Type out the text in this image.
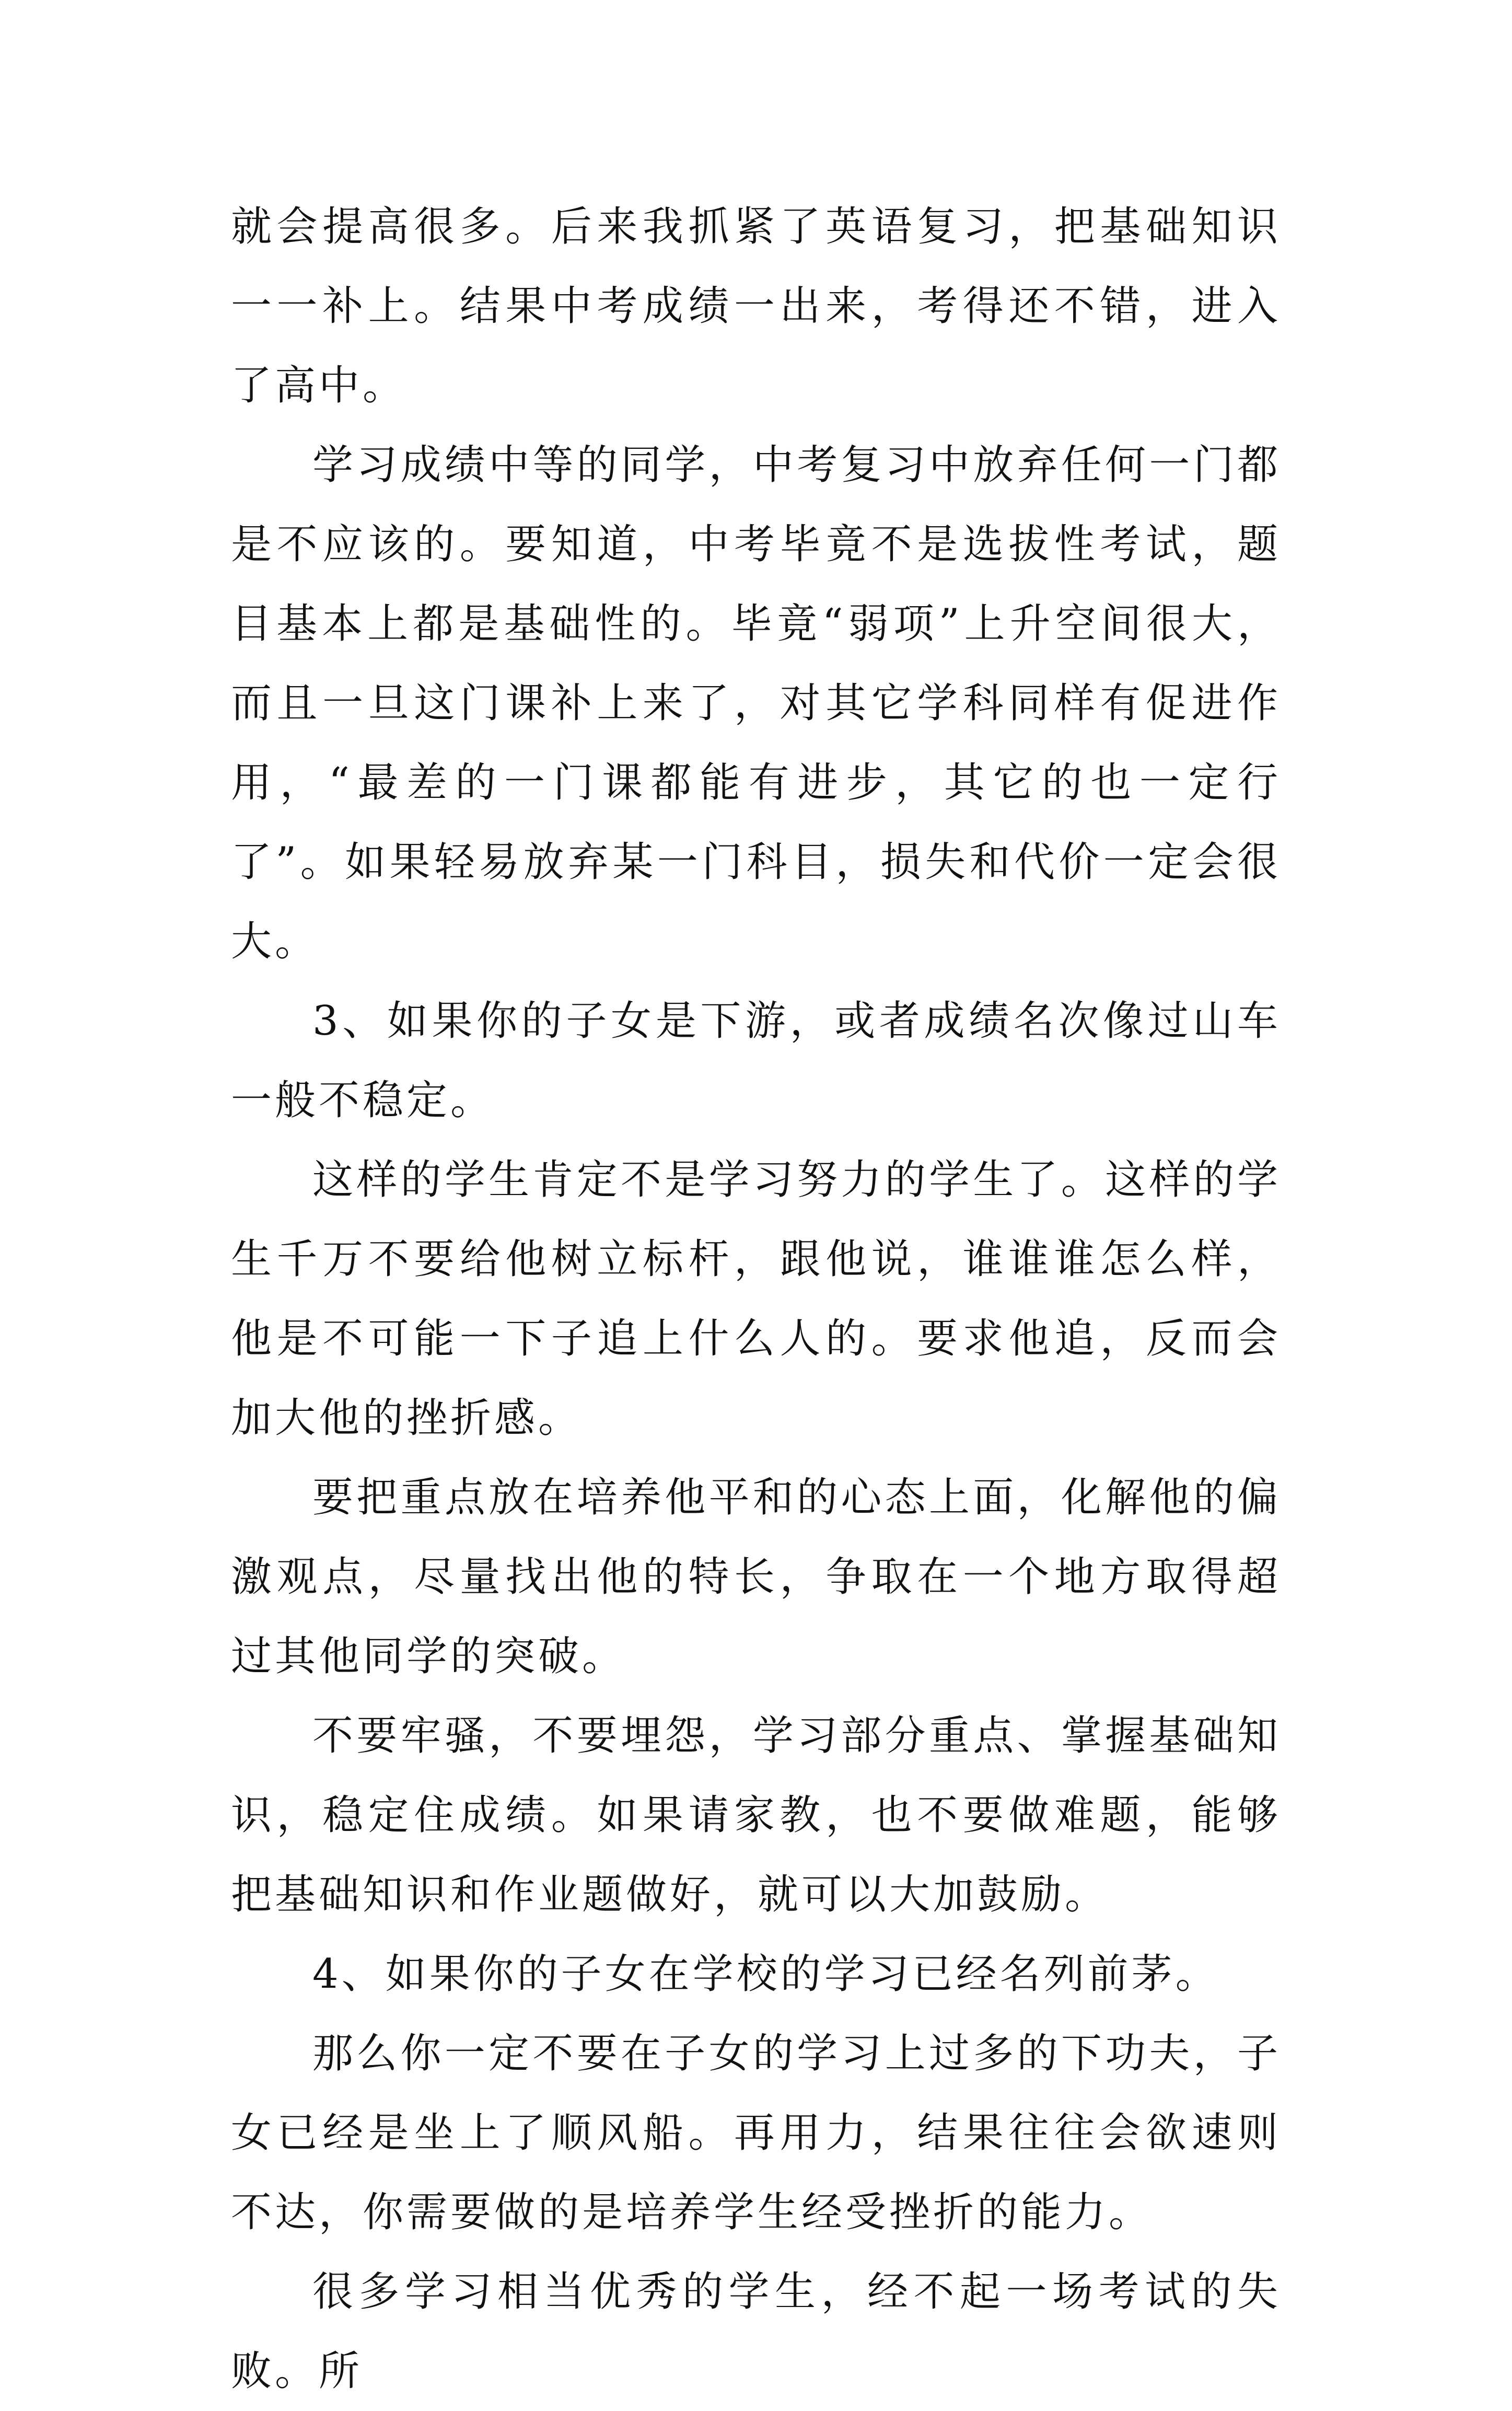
就会提高很多。后来我抓紧了英语复习，把基础知识一一补上。结果中考成绩一出来，考得还不错，进入了高中。

学习成绩中等的同学，中考复习中放弃任何一门都是不应该的。要知道，中考毕竟不是选拔性考试，题目基本上都是基础性的。毕竟“弱项”上升空间很大，而且一旦这门课补上来了，对其它学科同样有促进作用，“最差的一门课都能有进步，其它的也一定行了”。如果轻易放弃某一门科目，损失和代价一定会很大。

3、如果你的子女是下游，或者成绩名次像过山车一般不稳定。

这样的学生肯定不是学习努力的学生了。这样的学生千万不要给他树立标杆，跟他说，谁谁谁怎么样，他是不可能一下子追上什么人的。要求他追，反而会加大他的挫折感。

要把重点放在培养他平和的心态上面，化解他的偏激观点，尽量找出他的特长，争取在一个地方取得超过其他同学的突破。

不要牢骚，不要埋怨，学习部分重点、掌握基础知识，稳定住成绩。如果请家教，也不要做难题，能够把基础知识和作业题做好，就可以大加鼓励。

4、如果你的子女在学校的学习已经名列前茅。

那么你一定不要在子女的学习上过多的下功夫，子女已经是坐上了顺风船。再用力，结果往往会欲速则不达，你需要做的是培养学生经受挫折的能力。

很多学习相当优秀的学生，经不起一场考试的失败。所
